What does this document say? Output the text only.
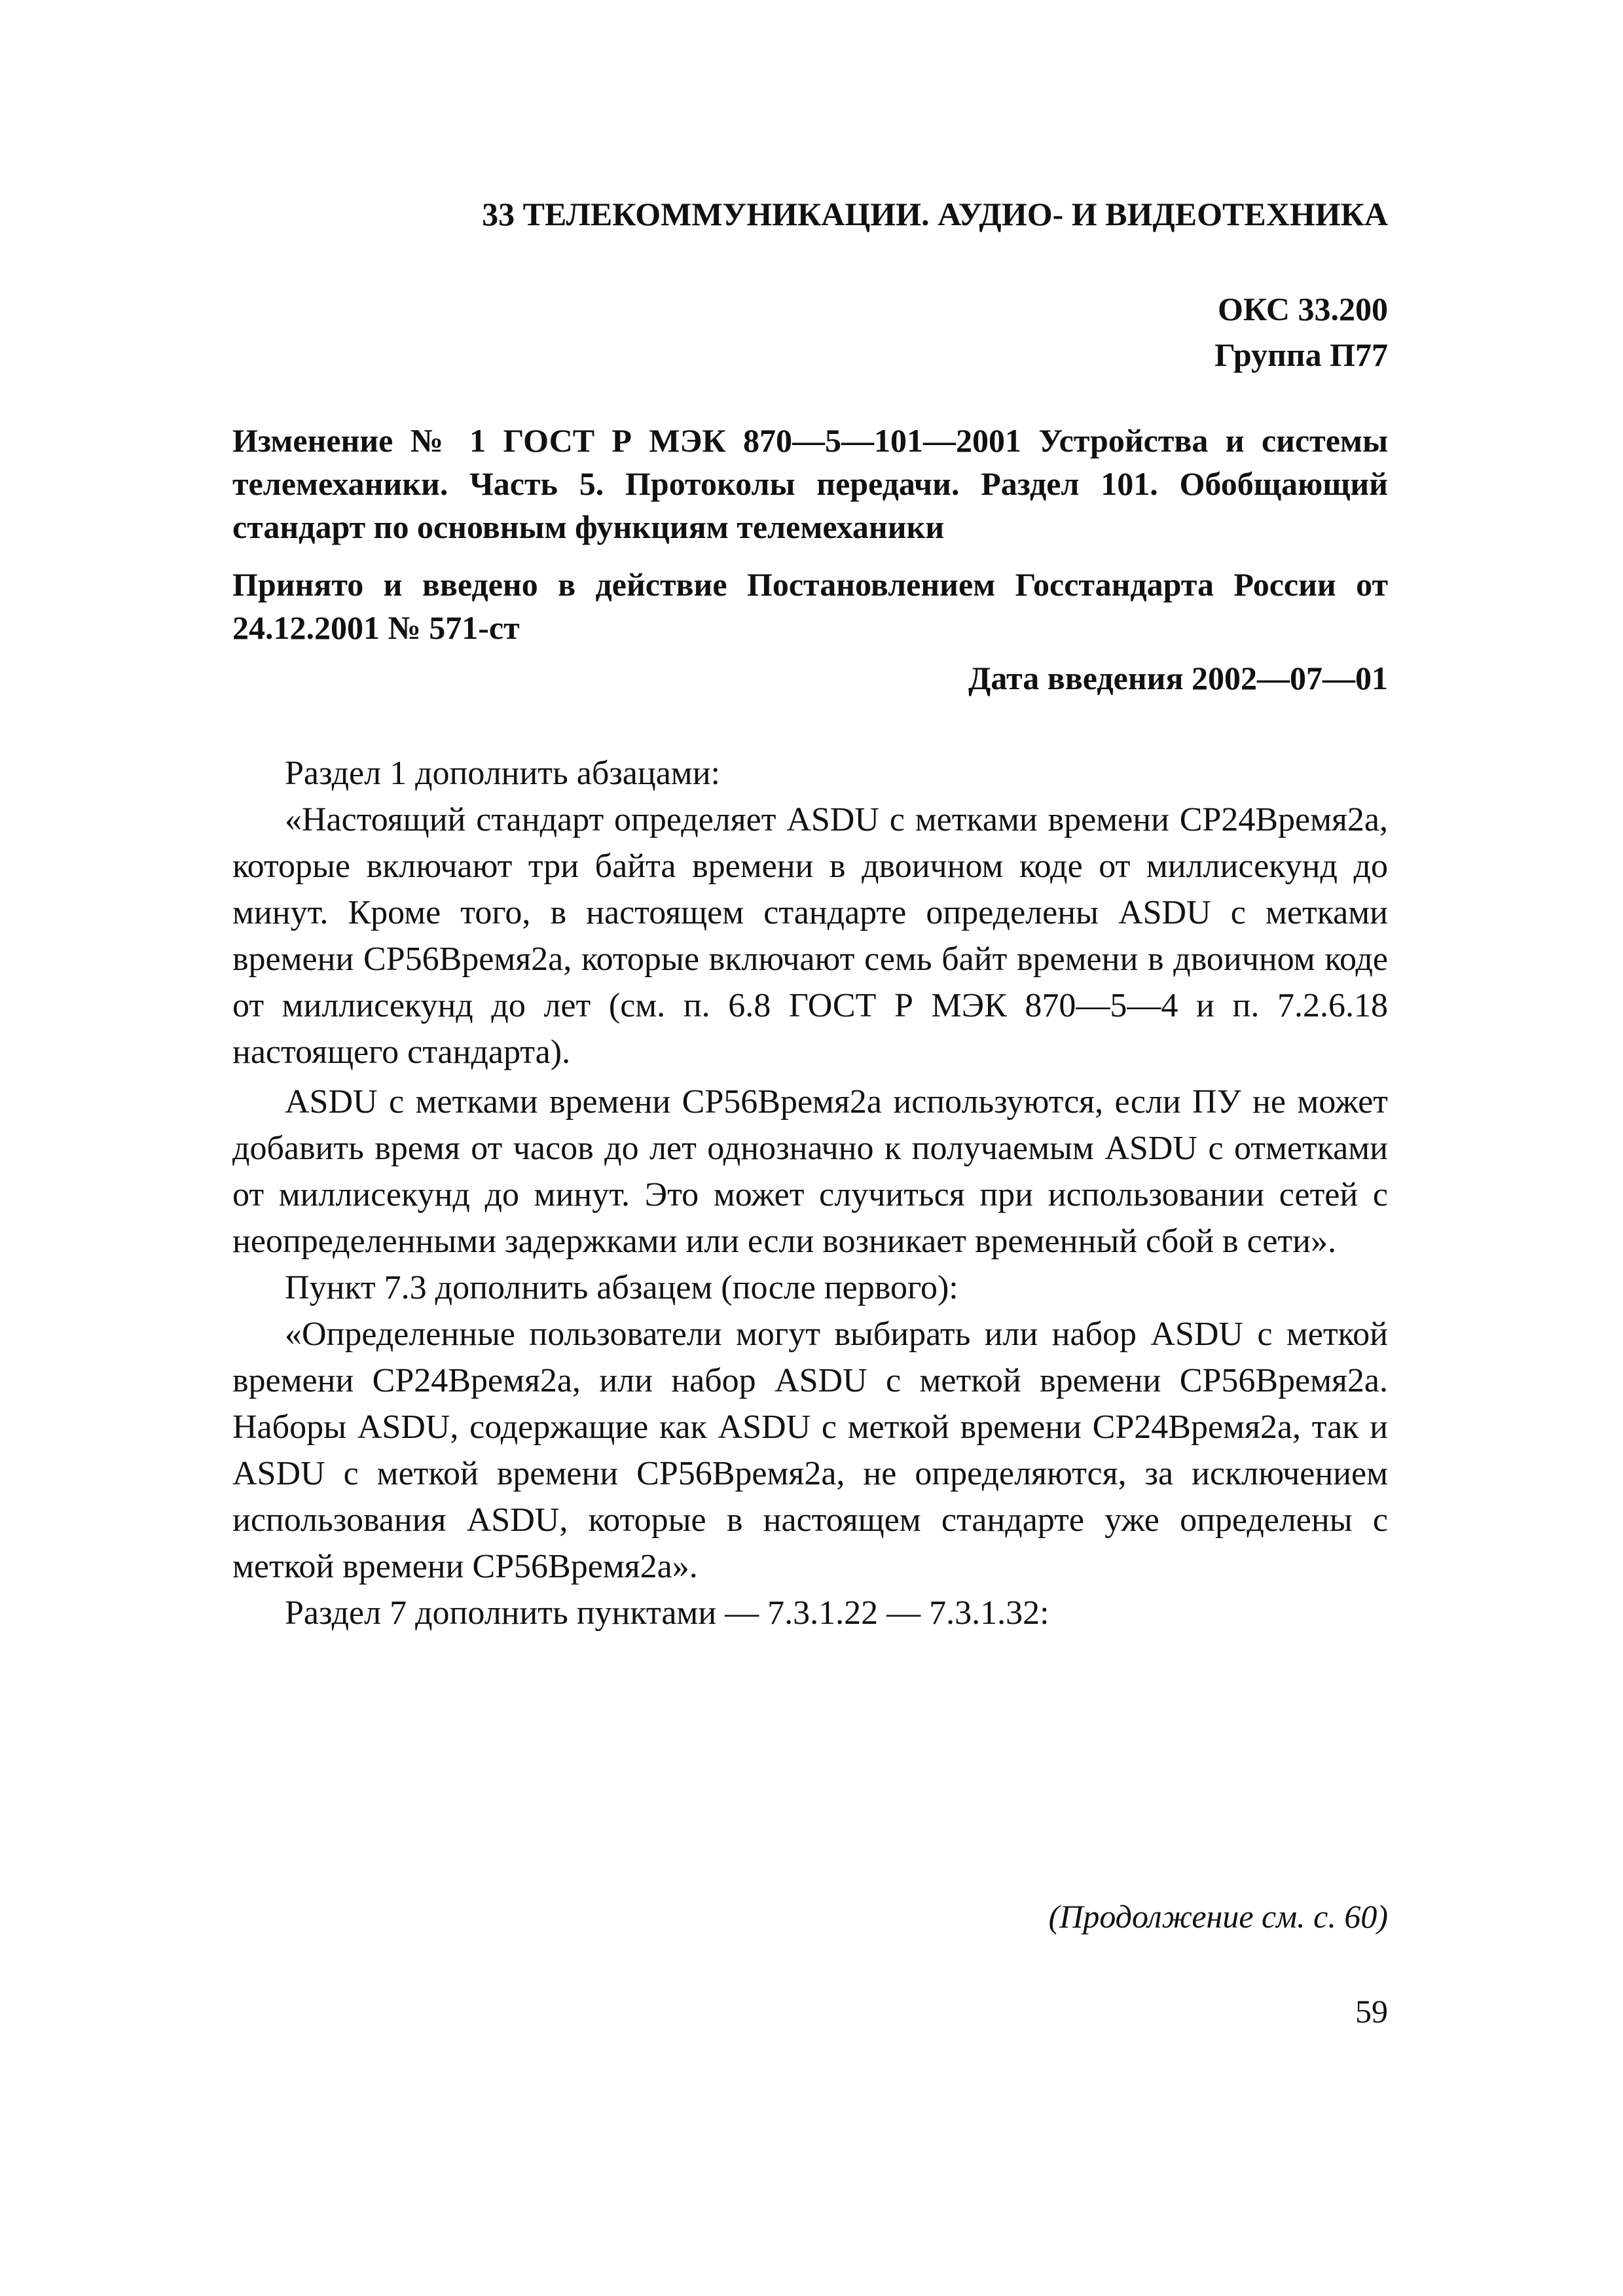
33 ТЕЛЕКОММУНИКАЦИИ. АУДИО- И ВИДЕОТЕХНИКА
ОКС 33.200
Группа П77
Изменение № 1 ГОСТ Р МЭК 870—5—101—2001 Устройства и системы телемеханики. Часть 5. Протоколы передачи. Раздел 101. Обобщающий стандарт по основным функциям телемеханики
Принято и введено в действие Постановлением Госстандарта России от 24.12.2001 № 571-ст
Дата введения 2002—07—01

Раздел 1 дополнить абзацами:

«Настоящий стандарт определяет ASDU с метками времени СР24Время2а, которые включают три байта времени в двоичном коде от миллисекунд до минут. Кроме того, в настоящем стандарте определены ASDU с метками времени СР56Время2а, которые включают семь байт времени в двоичном коде от миллисекунд до лет (см. п. 6.8 ГОСТ Р МЭК 870—5—4 и п. 7.2.6.18 настоящего стандарта).

ASDU с метками времени СР56Время2а используются, если ПУ не может добавить время от часов до лет однозначно к получаемым ASDU с отметками от миллисекунд до минут. Это может случиться при использовании сетей с неопределенными задержками или если возникает временный сбой в сети».

Пункт 7.3 дополнить абзацем (после первого):

«Определенные пользователи могут выбирать или набор ASDU с меткой времени СР24Время2а, или набор ASDU с меткой времени СР56Время2а. Наборы ASDU, содержащие как ASDU с меткой времени СР24Время2а, так и ASDU с меткой времени СР56Время2а, не определяются, за исключением использования ASDU, которые в настоящем стандарте уже определены с меткой времени СР56Время2а».

Раздел 7 дополнить пунктами — 7.3.1.22 — 7.3.1.32:

(Продолжение см. с. 60)
59
